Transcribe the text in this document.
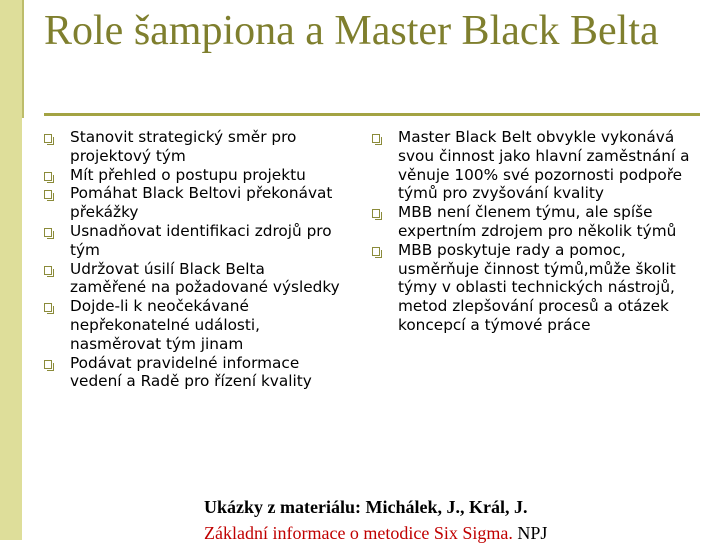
Role šampiona a Master Black Belta
Stanovit strategický směr pro projektový tým
Mít přehled o postupu projektu
Pomáhat Black Beltovi překonávat překážky
Usnadňovat identifikaci zdrojů pro tým
Udržovat úsilí Black Belta zaměřené na požadované výsledky
Dojde-li k neočekávané nepřekonatelné události, nasměrovat tým jinam
Podávat pravidelné informace vedení a Radě pro řízení kvality
Master Black Belt obvykle vykonává svou činnost jako hlavní zaměstnání a věnuje 100% své pozornosti podpoře týmů pro zvyšování kvality
MBB není členem týmu, ale spíše expertním zdrojem pro několik týmů
MBB poskytuje rady a pomoc, usměrňuje činnost týmů,může školit týmy v oblasti technických nástrojů, metod zlepšování procesů a otázek koncepcí a týmové práce

Ukázky z materiálu: Michálek, J., Král, J.
Základní informace o metodice Six Sigma. NPJ
